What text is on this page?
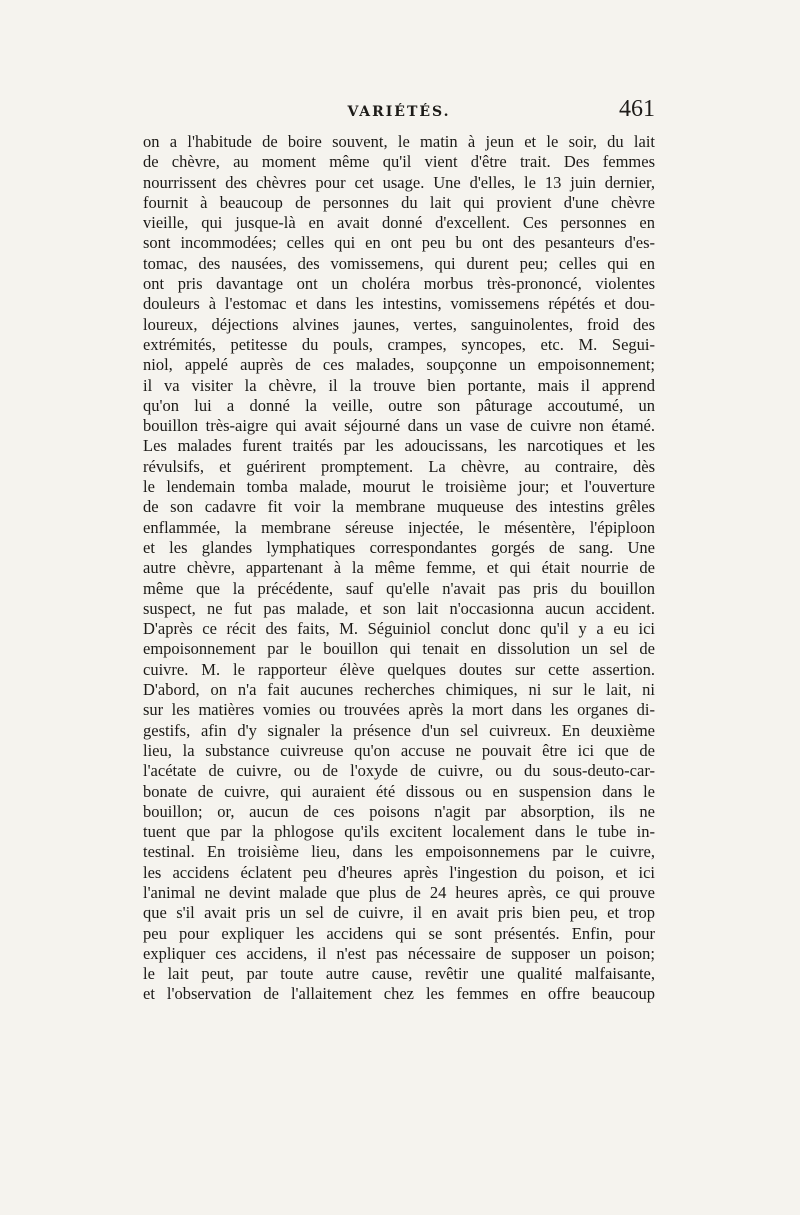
VARIÉTÉS.	461
on a l'habitude de boire souvent, le matin à jeun et le soir, du lait
de chèvre, au moment même qu'il vient d'être trait. Des femmes
nourrissent des chèvres pour cet usage. Une d'elles, le 13 juin dernier,
fournit à beaucoup de personnes du lait qui provient d'une chèvre
vieille, qui jusque-là en avait donné d'excellent. Ces personnes en
sont incommodées; celles qui en ont peu bu ont des pesanteurs d'es-
tomac, des nausées, des vomissemens, qui durent peu; celles qui en
ont pris davantage ont un choléra morbus très-prononcé, violentes
douleurs à l'estomac et dans les intestins, vomissemens répétés et dou-
loureux, déjections alvines jaunes, vertes, sanguinolentes, froid des
extrémités, petitesse du pouls, crampes, syncopes, etc. M. Segui-
niol, appelé auprès de ces malades, soupçonne un empoisonnement;
il va visiter la chèvre, il la trouve bien portante, mais il apprend
qu'on lui a donné la veille, outre son pâturage accoutumé, un
bouillon très-aigre qui avait séjourné dans un vase de cuivre non étamé.
Les malades furent traités par les adoucissans, les narcotiques et les
révulsifs, et guérirent promptement. La chèvre, au contraire, dès
le lendemain tomba malade, mourut le troisième jour; et l'ouverture
de son cadavre fit voir la membrane muqueuse des intestins grêles
enflammée, la membrane séreuse injectée, le mésentère, l'épiploon
et les glandes lymphatiques correspondantes gorgés de sang. Une
autre chèvre, appartenant à la même femme, et qui était nourrie de
même que la précédente, sauf qu'elle n'avait pas pris du bouillon
suspect, ne fut pas malade, et son lait n'occasionna aucun accident.
D'après ce récit des faits, M. Séguiniol conclut donc qu'il y a eu ici
empoisonnement par le bouillon qui tenait en dissolution un sel de
cuivre. M. le rapporteur élève quelques doutes sur cette assertion.
D'abord, on n'a fait aucunes recherches chimiques, ni sur le lait, ni
sur les matières vomies ou trouvées après la mort dans les organes di-
gestifs, afin d'y signaler la présence d'un sel cuivreux. En deuxième
lieu, la substance cuivreuse qu'on accuse ne pouvait être ici que de
l'acétate de cuivre, ou de l'oxyde de cuivre, ou du sous-deuto-car-
bonate de cuivre, qui auraient été dissous ou en suspension dans le
bouillon; or, aucun de ces poisons n'agit par absorption, ils ne
tuent que par la phlogose qu'ils excitent localement dans le tube in-
testinal. En troisième lieu, dans les empoisonnemens par le cuivre,
les accidens éclatent peu d'heures après l'ingestion du poison, et ici
l'animal ne devint malade que plus de 24 heures après, ce qui prouve
que s'il avait pris un sel de cuivre, il en avait pris bien peu, et trop
peu pour expliquer les accidens qui se sont présentés. Enfin, pour
expliquer ces accidens, il n'est pas nécessaire de supposer un poison;
le lait peut, par toute autre cause, revêtir une qualité malfaisante,
et l'observation de l'allaitement chez les femmes en offre beaucoup
